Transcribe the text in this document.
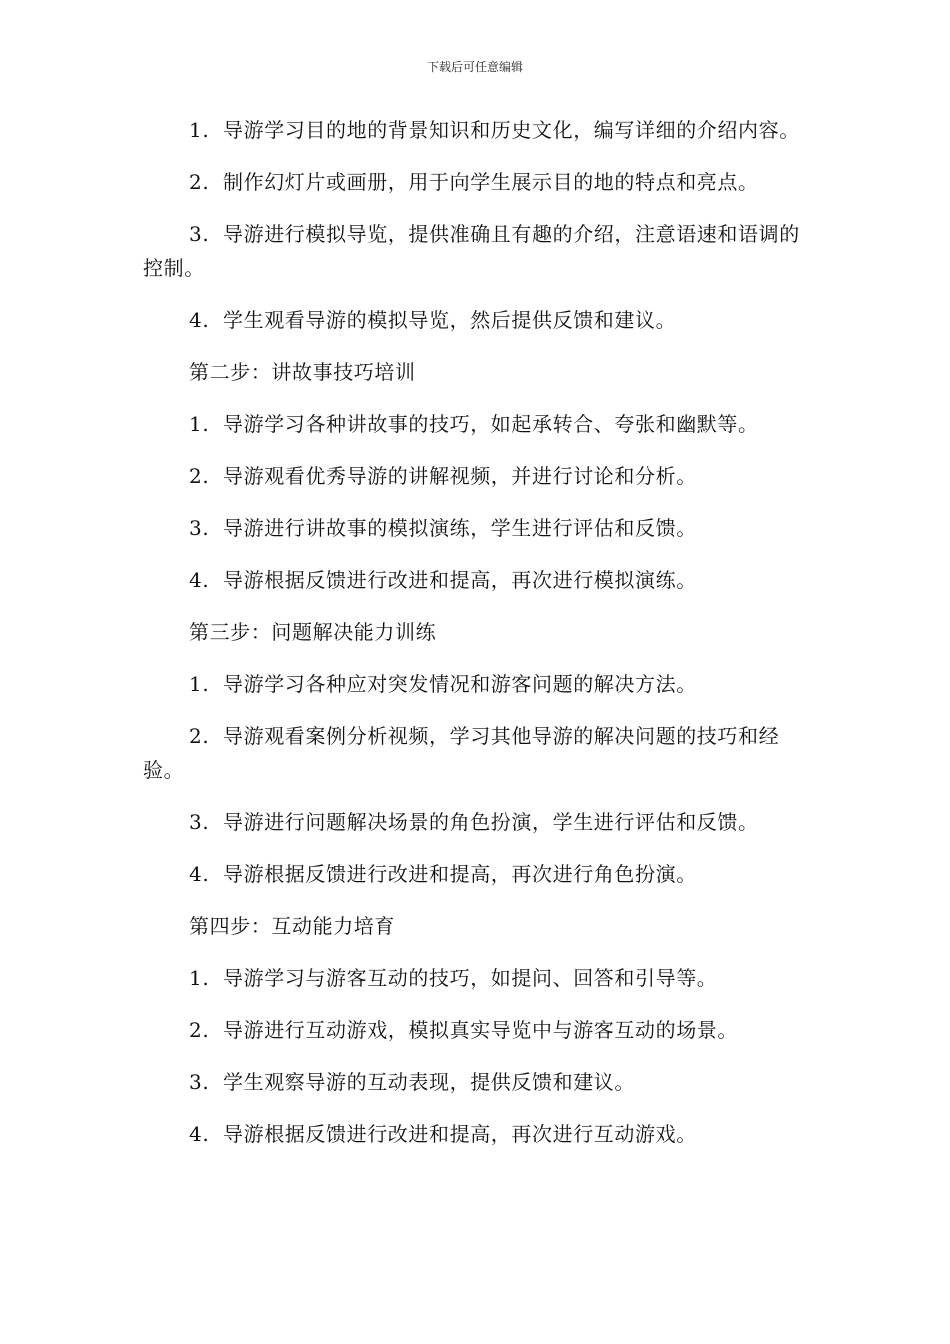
下载后可任意编辑

1. 导游学习目的地的背景知识和历史文化，编写详细的介绍内容。

2. 制作幻灯片或画册，用于向学生展示目的地的特点和亮点。

3. 导游进行模拟导览，提供准确且有趣的介绍，注意语速和语调的控制。

4. 学生观看导游的模拟导览，然后提供反馈和建议。

第二步：讲故事技巧培训

1. 导游学习各种讲故事的技巧，如起承转合、夸张和幽默等。

2. 导游观看优秀导游的讲解视频，并进行讨论和分析。

3. 导游进行讲故事的模拟演练，学生进行评估和反馈。

4. 导游根据反馈进行改进和提高，再次进行模拟演练。

第三步：问题解决能力训练

1. 导游学习各种应对突发情况和游客问题的解决方法。

2. 导游观看案例分析视频，学习其他导游的解决问题的技巧和经验。

3. 导游进行问题解决场景的角色扮演，学生进行评估和反馈。

4. 导游根据反馈进行改进和提高，再次进行角色扮演。

第四步：互动能力培育

1. 导游学习与游客互动的技巧，如提问、回答和引导等。

2. 导游进行互动游戏，模拟真实导览中与游客互动的场景。

3. 学生观察导游的互动表现，提供反馈和建议。

4. 导游根据反馈进行改进和提高，再次进行互动游戏。
